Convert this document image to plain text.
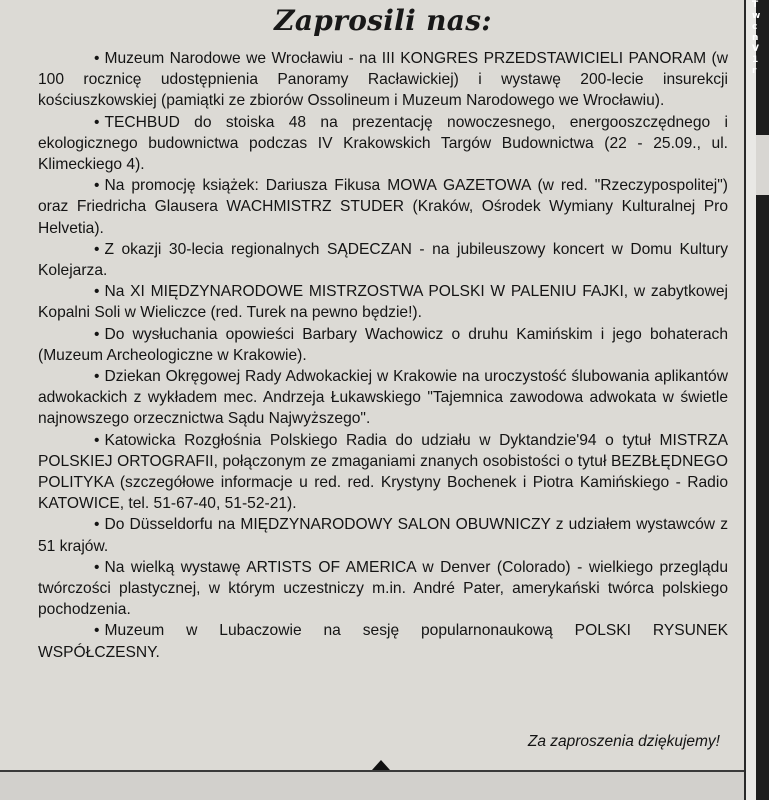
Zaprosili nas:
• Muzeum Narodowe we Wrocławiu - na III KONGRES PRZEDSTAWICIELI PANORAM (w 100 rocznicę udostępnienia Panoramy Racławickiej) i wystawę 200-lecie insurekcji kościuszkowskiej (pamiątki ze zbiorów Ossolineum i Muzeum Narodowego we Wrocławiu).
• TECHBUD do stoiska 48 na prezentację nowoczesnego, energooszczędnego i ekologicznego budownictwa podczas IV Krakowskich Targów Budownictwa (22 - 25.09., ul. Klimeckiego 4).
• Na promocję książek: Dariusza Fikusa MOWA GAZETOWA (w red. "Rzeczypospolitej") oraz Friedricha Glausera WACHMISTRZ STUDER (Kraków, Ośrodek Wymiany Kulturalnej Pro Helvetia).
• Z okazji 30-lecia regionalnych SĄDECZAN - na jubileuszowy koncert w Domu Kultury Kolejarza.
• Na XI MIĘDZYNARODOWE MISTRZOSTWA POLSKI W PALENIU FAJKI, w zabytkowej Kopalni Soli w Wieliczce (red. Turek na pewno będzie!).
• Do wysłuchania opowieści Barbary Wachowicz o druhu Kamińskim i jego bohaterach (Muzeum Archeologiczne w Krakowie).
• Dziekan Okręgowej Rady Adwokackiej w Krakowie na uroczystość ślubowania aplikantów adwokackich z wykładem mec. Andrzeja Łukawskiego "Tajemnica zawodowa adwokata w świetle najnowszego orzecznictwa Sądu Najwyższego".
• Katowicka Rozgłośnia Polskiego Radia do udziału w Dyktandzie'94 o tytuł MISTRZA POLSKIEJ ORTOGRAFII, połączonym ze zmaganiami znanych osobistości o tytuł BEZBŁĘDNEGO POLITYKA (szczegółowe informacje u red. red. Krystyny Bochenek i Piotra Kamińskiego - Radio KATOWICE, tel. 51-67-40, 51-52-21).
• Do Düsseldorfu na MIĘDZYNARODOWY SALON OBUWNICZY z udziałem wystawców z 51 krajów.
• Na wielką wystawę ARTISTS OF AMERICA w Denver (Colorado) - wielkiego przeglądu twórczości plastycznej, w którym uczestniczy m.in. André Pater, amerykański twórca polskiego pochodzenia.
• Muzeum w Lubaczowie na sesję popularnonaukową POLSKI RYSUNEK WSPÓŁCZESNY.

Za zaproszenia dziękujemy!

T
w
c
n
V
1
r
